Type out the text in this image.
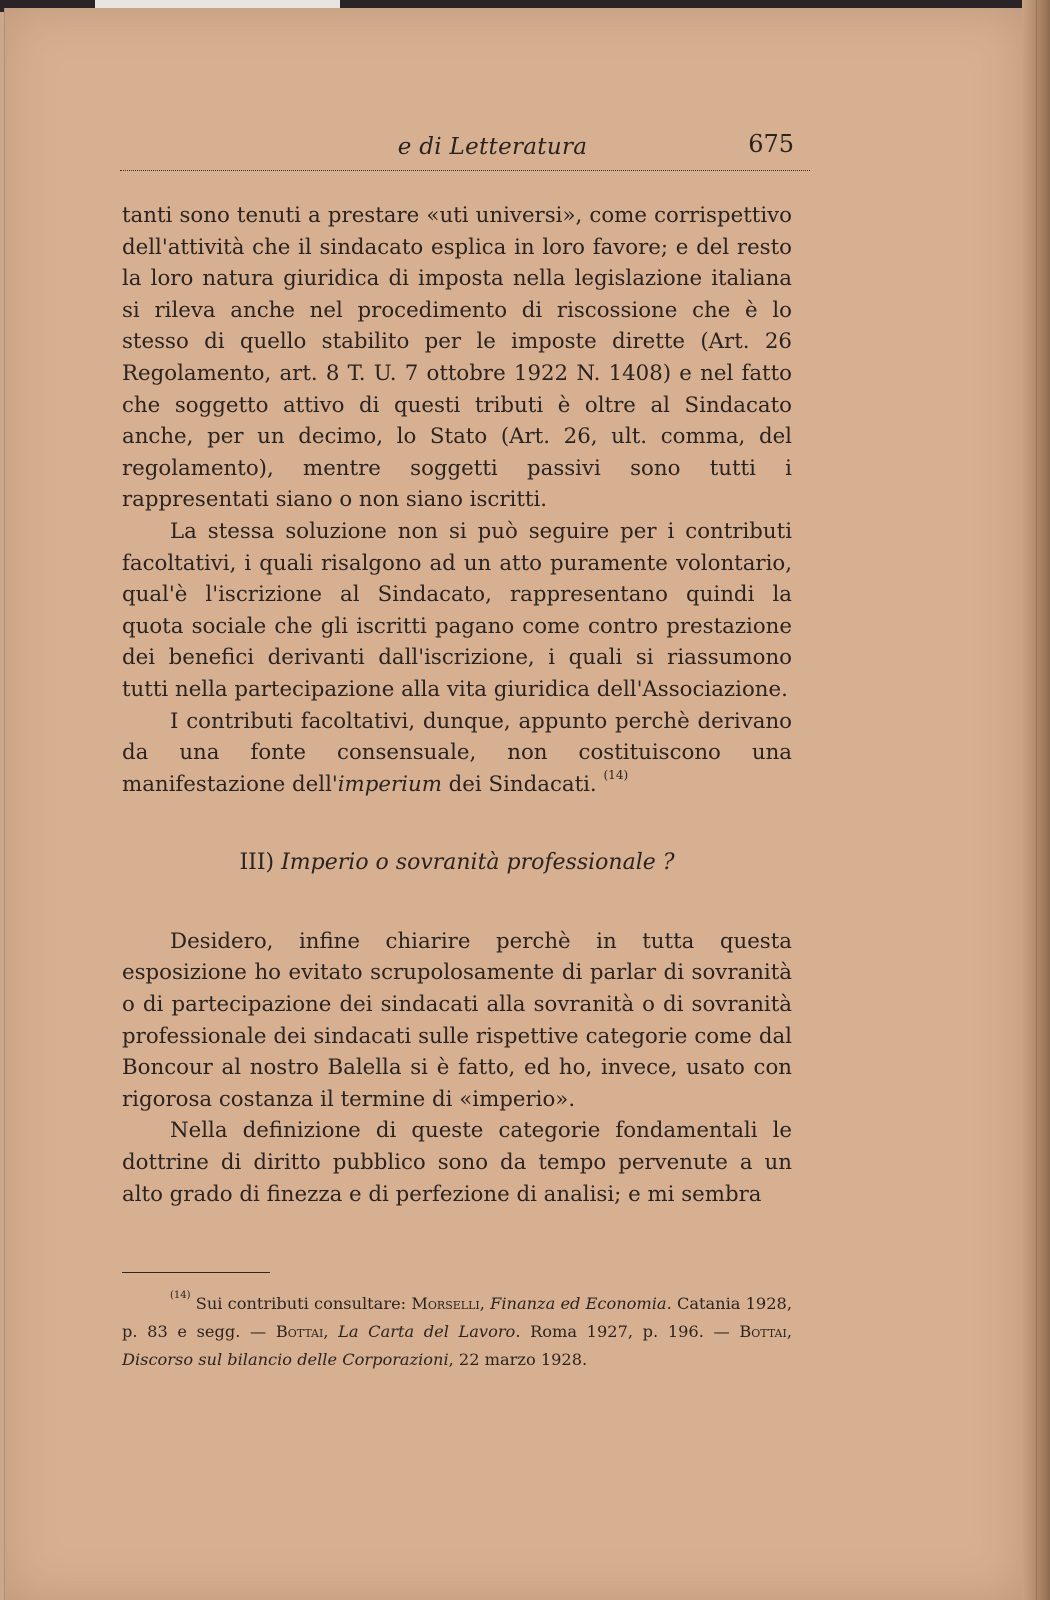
e di Letteratura	675

tanti sono tenuti a prestare «uti universi», come corrispettivo dell'attività che il sindacato esplica in loro favore; e del resto la loro natura giuridica di imposta nella legislazione italiana si rileva anche nel procedimento di riscossione che è lo stesso di quello stabilito per le imposte dirette (Art. 26 Regolamento, art. 8 T. U. 7 ottobre 1922 N. 1408) e nel fatto che soggetto attivo di questi tributi è oltre al Sindacato anche, per un decimo, lo Stato (Art. 26, ult. comma, del regolamento), mentre soggetti passivi sono tutti i rappresentati siano o non siano iscritti.

La stessa soluzione non si può seguire per i contributi facoltativi, i quali risalgono ad un atto puramente volontario, qual'è l'iscrizione al Sindacato, rappresentano quindi la quota sociale che gli iscritti pagano come contro prestazione dei benefici derivanti dall'iscrizione, i quali si riassumono tutti nella partecipazione alla vita giuridica dell'Associazione.

I contributi facoltativi, dunque, appunto perchè derivano da una fonte consensuale, non costituiscono una manifestazione dell'imperium dei Sindacati. $^{(14)}$

III) Imperio o sovranità professionale ?

Desidero, infine chiarire perchè in tutta questa esposizione ho evitato scrupolosamente di parlar di sovranità o di partecipazione dei sindacati alla sovranità o di sovranità professionale dei sindacati sulle rispettive categorie come dal Boncour al nostro Balella si è fatto, ed ho, invece, usato con rigorosa costanza il termine di «imperio».

Nella definizione di queste categorie fondamentali le dottrine di diritto pubblico sono da tempo pervenute a un alto grado di finezza e di perfezione di analisi; e mi sembra

$^{(14)}$ Sui contributi consultare: Morselli, Finanza ed Economia. Catania 1928, p. 83 e segg. — Bottai, La Carta del Lavoro. Roma 1927, p. 196. — Bottai, Discorso sul bilancio delle Corporazioni, 22 marzo 1928.
